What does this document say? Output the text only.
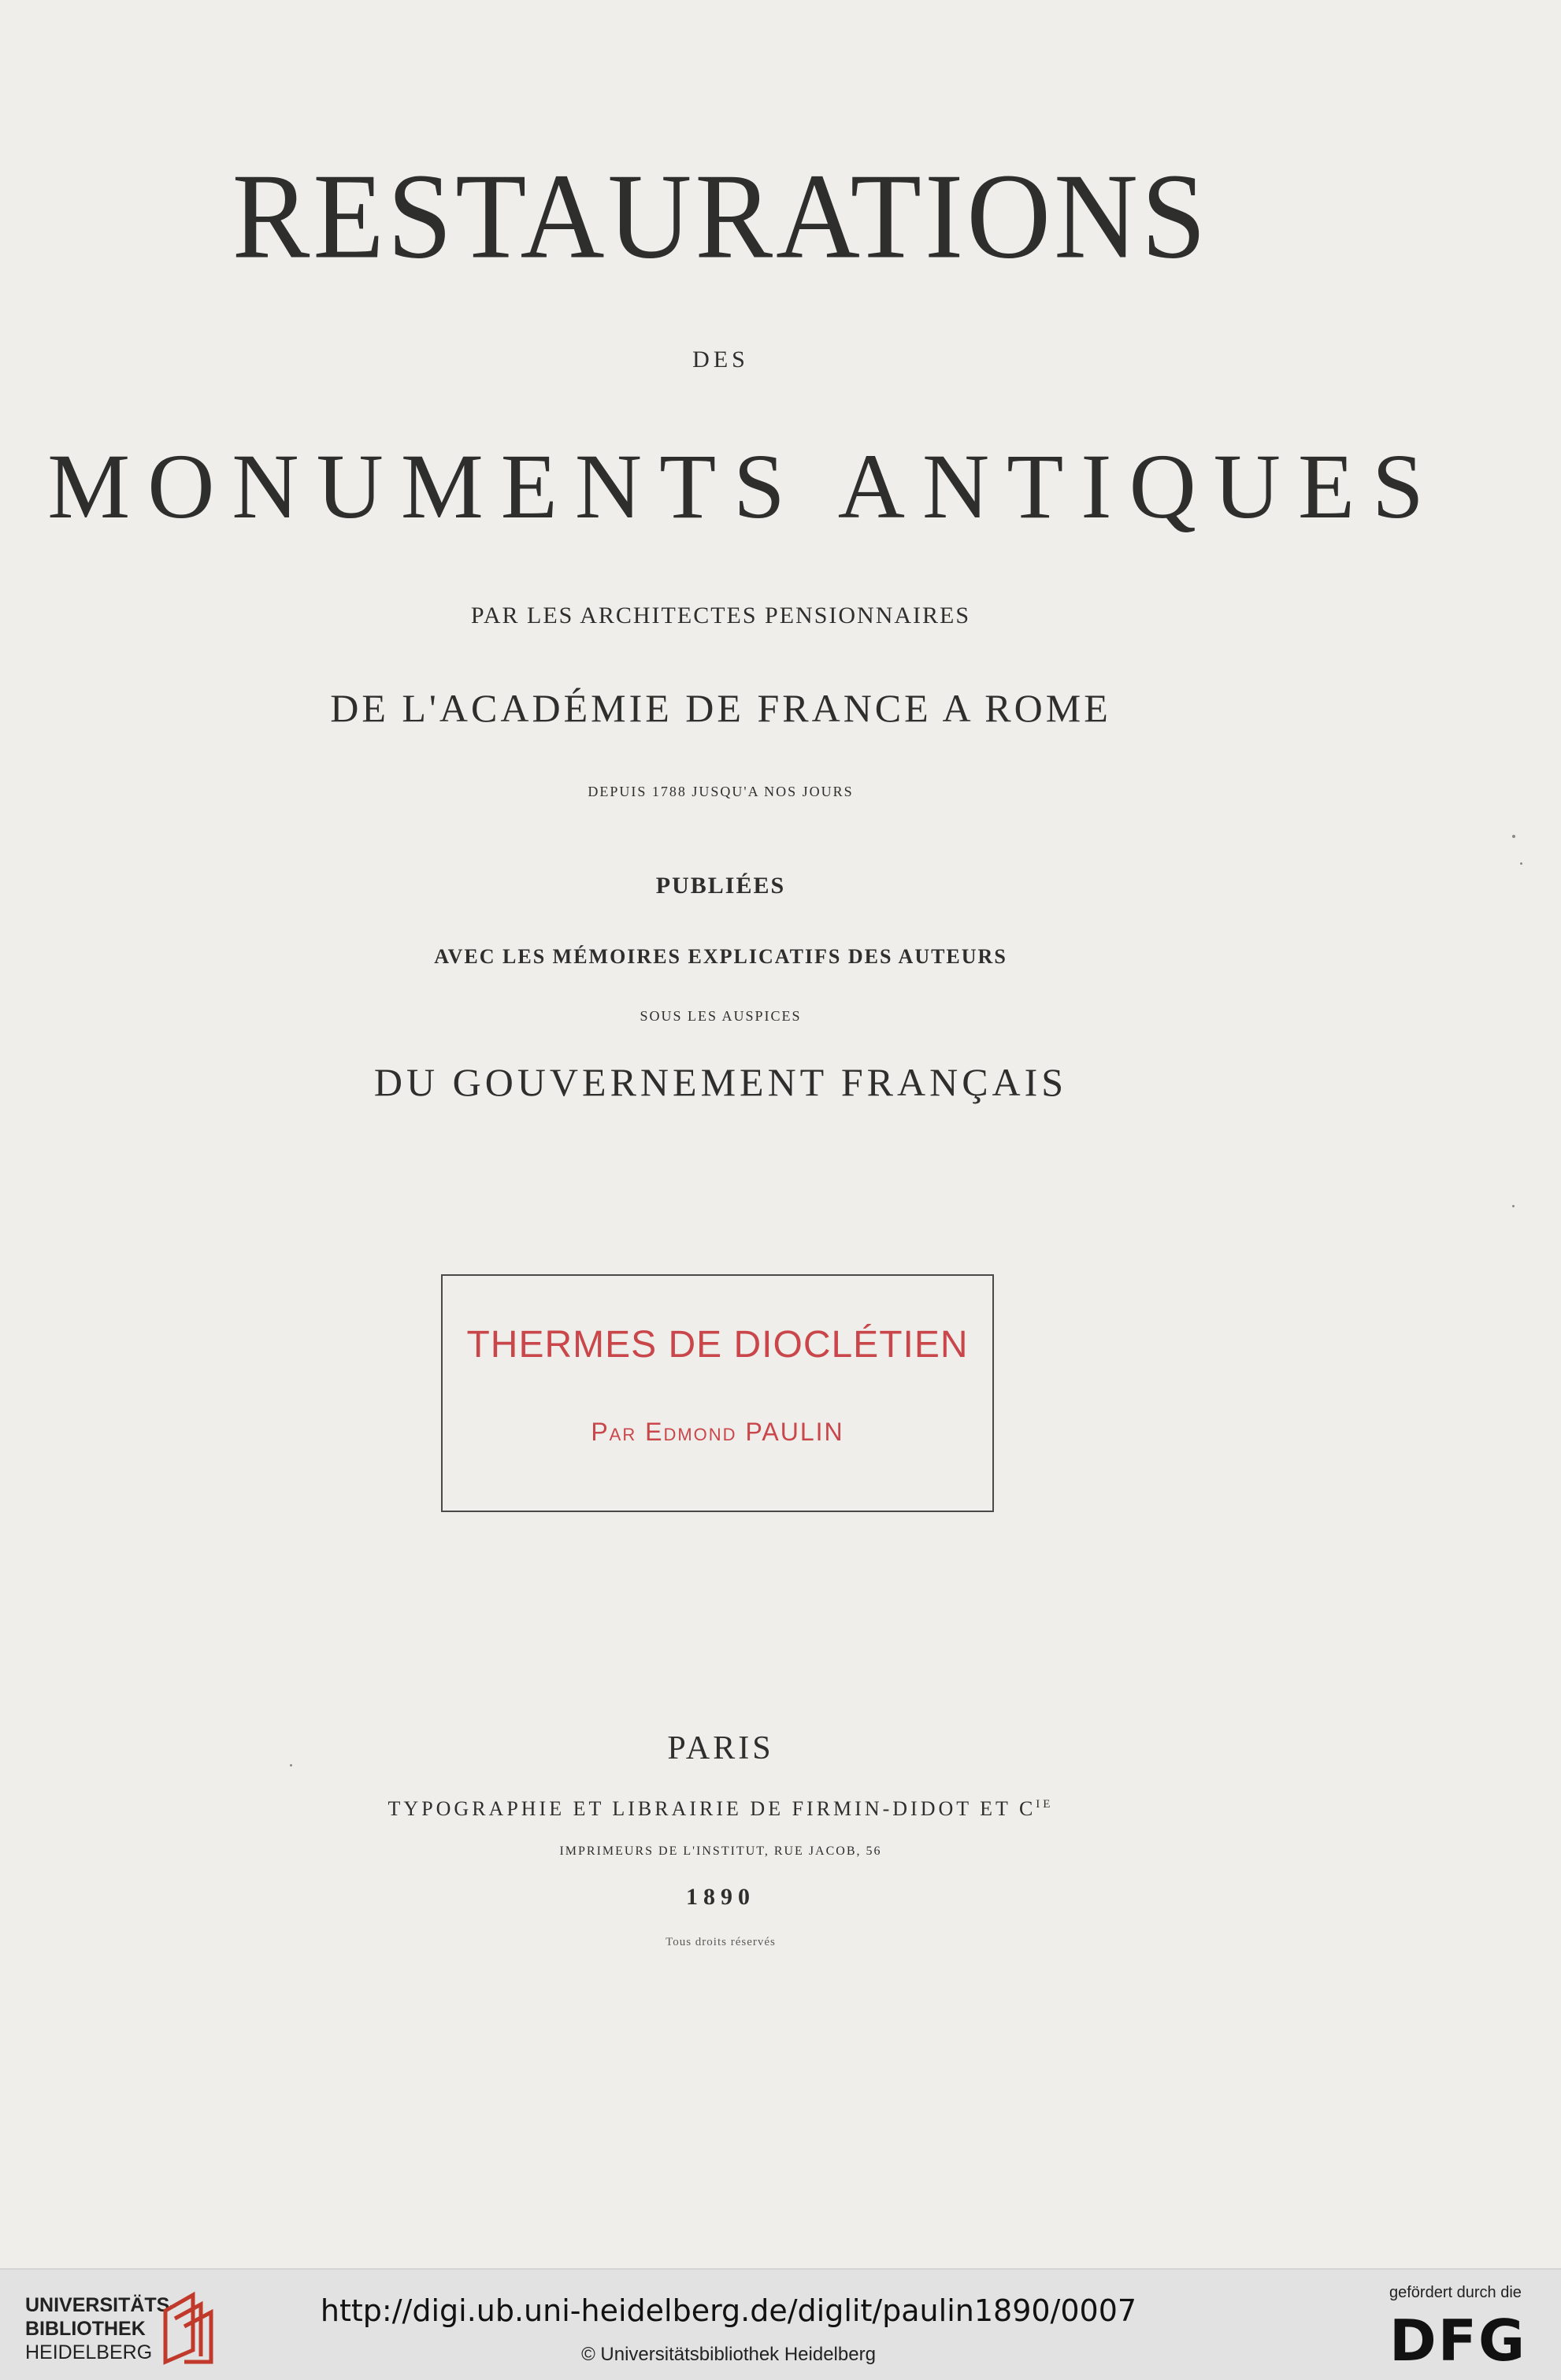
RESTAURATIONS
DES
MONUMENTS ANTIQUES
PAR LES ARCHITECTES PENSIONNAIRES
DE L'ACADÉMIE DE FRANCE A ROME
DEPUIS 1788 JUSQU'A NOS JOURS
PUBLIÉES
AVEC LES MÉMOIRES EXPLICATIFS DES AUTEURS
SOUS LES AUSPICES
DU GOUVERNEMENT FRANÇAIS
THERMES DE DIOCLÉTIEN
Par Edmond PAULIN
PARIS
TYPOGRAPHIE ET LIBRAIRIE DE FIRMIN-DIDOT ET $C^{IE}$
IMPRIMEURS DE L'INSTITUT, RUE JACOB, 56
1890
Tous droits réservés
UNIVERSITÄTS-
BIBLIOTHEK
HEIDELBERG
http://digi.ub.uni-heidelberg.de/diglit/paulin1890/0007
© Universitätsbibliothek Heidelberg
gefördert durch die
DFG
